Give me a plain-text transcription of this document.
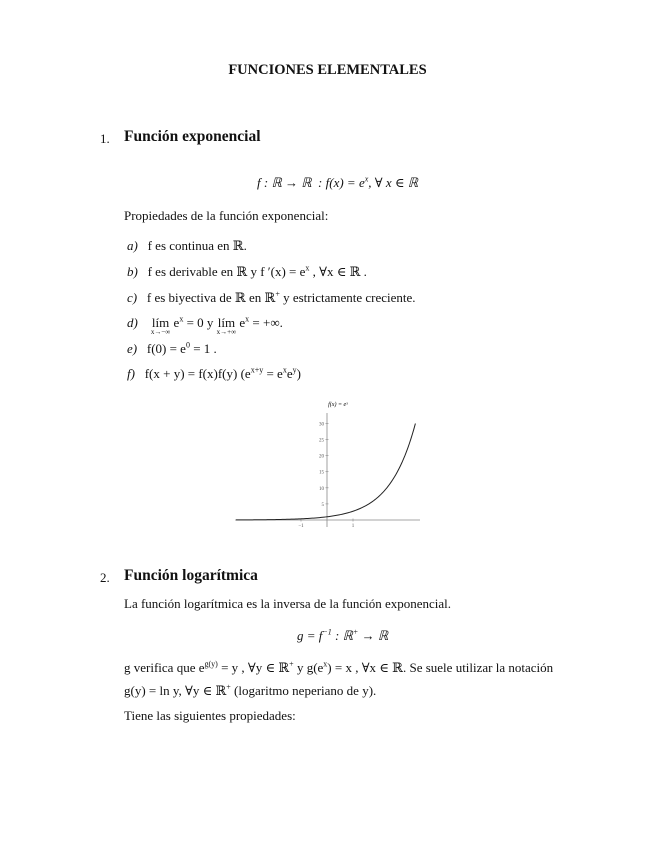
FUNCIONES ELEMENTALES
1. Función exponencial
f : ℝ → ℝ : $f(x) = e^x$, ∀ x ∈ ℝ
Propiedades de la función exponencial:
a) f es continua en ℝ.
b) f es derivable en ℝ y f $'(x) = e^x$ , ∀x ∈ ℝ .
c) f es biyectiva de ℝ en ℝ+ y estrictamente creciente.
d) lím
x→−∞
$e^x = 0$ y lím
x→+∞
$e^x$ = +∞.
e) $f(0) = e^0 = 1$ .
f) f(x + y) = f(x)f(y) $(e^{x+y} = e^xe^y)$
f(x) = eˣ
5
10
15
20
25
30
−1	1
2. Función logarítmica
La función logarítmica es la inversa de la función exponencial.
$g = f^{-1}$ : ℝ+ → ℝ
g verifica que $e^{g(y)} = y$ , ∀y ∈ ℝ+ y $g(e^x) = x$ , ∀x ∈ ℝ. Se suele utilizar la notación
g(y) = ln y, ∀y ∈ ℝ+ (logaritmo neperiano de y).
Tiene las siguientes propiedades:
